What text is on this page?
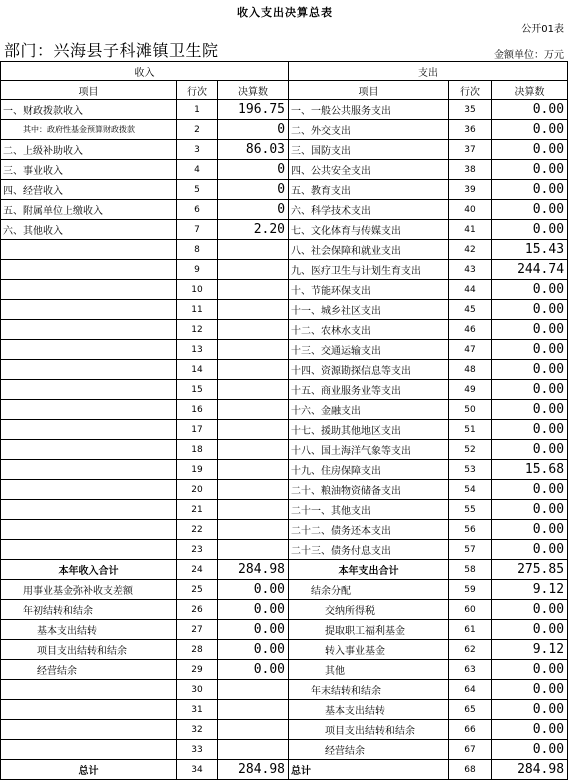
收入支出决算总表
公开01表
部门：兴海县子科滩镇卫生院	金额单位：万元
收入			支出		
项目	行次	决算数	项目	行次	决算数
一、财政拨款收入	1	196.75	一、一般公共服务支出	35	0.00
其中：政府性基金预算财政拨款	2	0	二、外交支出	36	0.00
二、上级补助收入	3	86.03	三、国防支出	37	0.00
三、事业收入	4	0	四、公共安全支出	38	0.00
四、经营收入	5	0	五、教育支出	39	0.00
五、附属单位上缴收入	6	0	六、科学技术支出	40	0.00
六、其他收入	7	2.20	七、文化体育与传媒支出	41	0.00
	8		八、社会保障和就业支出	42	15.43
	9		九、医疗卫生与计划生育支出	43	244.74
	10		十、节能环保支出	44	0.00
	11		十一、城乡社区支出	45	0.00
	12		十二、农林水支出	46	0.00
	13		十三、交通运输支出	47	0.00
	14		十四、资源勘探信息等支出	48	0.00
	15		十五、商业服务业等支出	49	0.00
	16		十六、金融支出	50	0.00
	17		十七、援助其他地区支出	51	0.00
	18		十八、国土海洋气象等支出	52	0.00
	19		十九、住房保障支出	53	15.68
	20		二十、粮油物资储备支出	54	0.00
	21		二十一、其他支出	55	0.00
	22		二十二、债务还本支出	56	0.00
	23		二十三、债务付息支出	57	0.00
本年收入合计	24	284.98	本年支出合计	58	275.85
用事业基金弥补收支差额	25	0.00	结余分配	59	9.12
年初结转和结余	26	0.00	交纳所得税	60	0.00
基本支出结转	27	0.00	提取职工福利基金	61	0.00
项目支出结转和结余	28	0.00	转入事业基金	62	9.12
经营结余	29	0.00	其他	63	0.00
	30		年末结转和结余	64	0.00
	31		基本支出结转	65	0.00
	32		项目支出结转和结余	66	0.00
	33		经营结余	67	0.00
总计	34	284.98	总计	68	284.98
